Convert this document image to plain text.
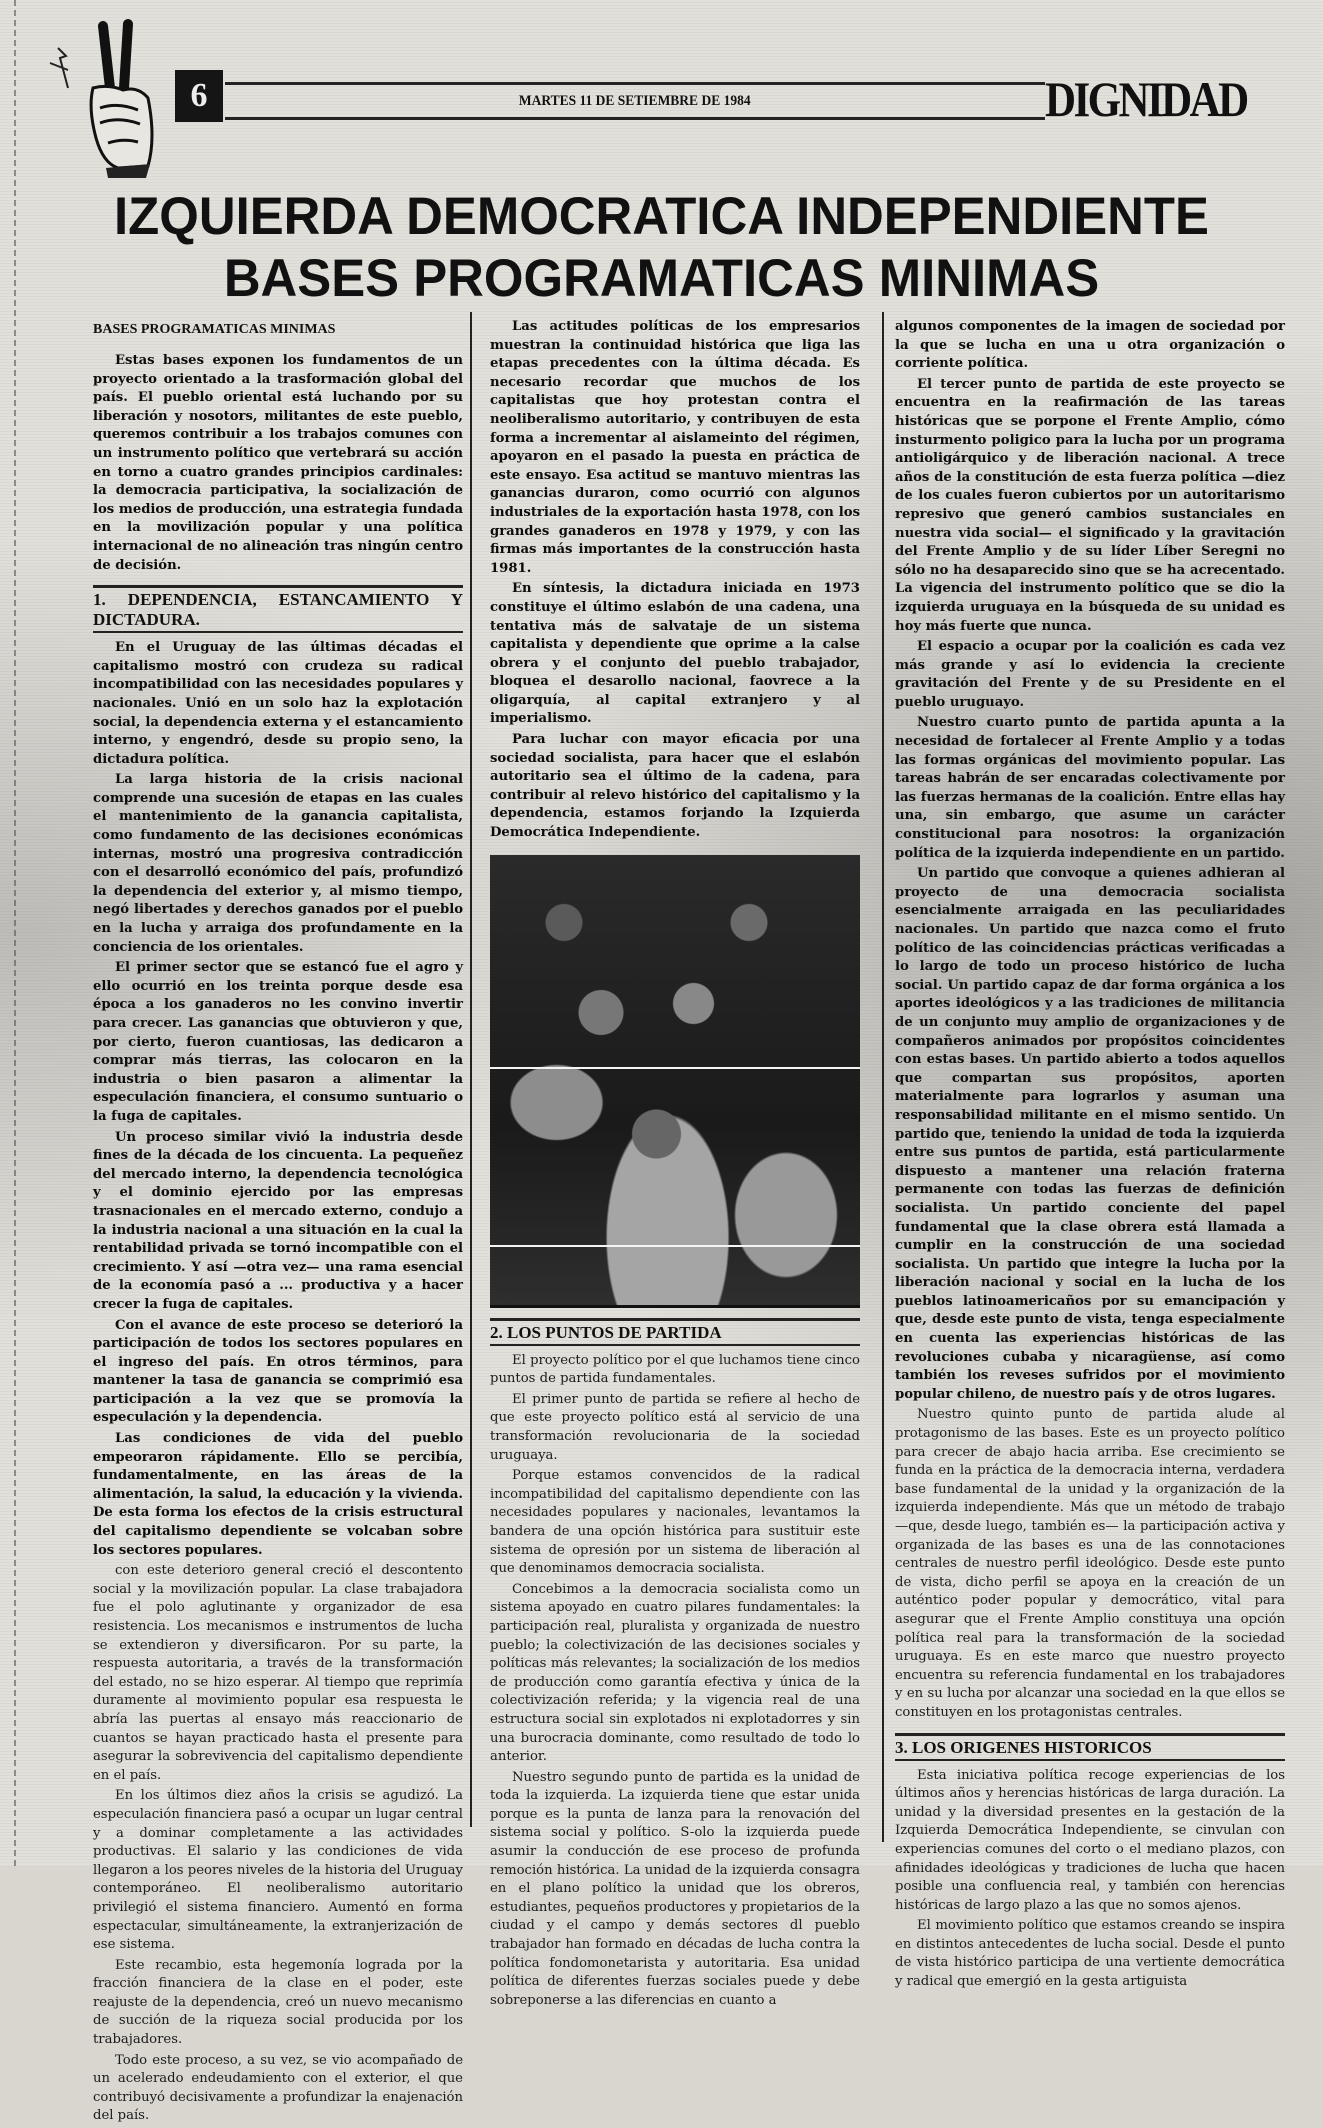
6	MARTES 11 DE SETIEMBRE DE 1984	DIGNIDAD
IZQUIERDA DEMOCRATICA INDEPENDIENTE
BASES PROGRAMATICAS MINIMAS
BASES PROGRAMATICAS MINIMAS

Estas bases exponen los fundamentos de un proyecto orientado a la trasformación global del país. El pueblo oriental está luchando por su liberación y nosotors, militantes de este pueblo, queremos contribuir a los trabajos comunes con un instrumento político que vertebrará su acción en torno a cuatro grandes principios cardinales: la democracia participativa, la socialización de los medios de producción, una estrategia fundada en la movilización popular y una política internacional de no alineación tras ningún centro de decisión.

1. DEPENDENCIA, ESTANCAMIENTO Y DICTADURA.

En el Uruguay de las últimas décadas el capitalismo mostró con crudeza su radical incompatibilidad con las necesidades populares y nacionales. Unió en un solo haz la explotación social, la dependencia externa y el estancamiento interno, y engendró, desde su propio seno, la dictadura política.

La larga historia de la crisis nacional comprende una sucesión de etapas en las cuales el mantenimiento de la ganancia capitalista, como fundamento de las decisiones económicas internas, mostró una progresiva contradicción con el desarrolló económico del país, profundizó la dependencia del exterior y, al mismo tiempo, negó libertades y derechos ganados por el pueblo en la lucha y arraiga dos profundamente en la conciencia de los orientales.

El primer sector que se estancó fue el agro y ello ocurrió en los treinta porque desde esa época a los ganaderos no les convino invertir para crecer. Las ganancias que obtuvieron y que, por cierto, fueron cuantiosas, las dedicaron a comprar más tierras, las colocaron en la industria o bien pasaron a alimentar la especulación financiera, el consumo suntuario o la fuga de capitales.

Un proceso similar vivió la industria desde fines de la década de los cincuenta. La pequeñez del mercado interno, la dependencia tecnológica y el dominio ejercido por las empresas trasnacionales en el mercado externo, condujo a la industria nacional a una situación en la cual la rentabilidad privada se tornó incompatible con el crecimiento. Y así —otra vez— una rama esencial de la economía pasó a ... productiva y a hacer crecer la fuga de capitales.

Con el avance de este proceso se deterioró la participación de todos los sectores populares en el ingreso del país. En otros términos, para mantener la tasa de ganancia se comprimió esa participación a la vez que se promovía la especulación y la dependencia.

Las condiciones de vida del pueblo empeoraron rápidamente. Ello se percibía, fundamentalmente, en las áreas de la alimentación, la salud, la educación y la vivienda. De esta forma los efectos de la crisis estructural del capitalismo dependiente se volcaban sobre los sectores populares.

con este deterioro general creció el descontento social y la movilización popular. La clase trabajadora fue el polo aglutinante y organizador de esa resistencia. Los mecanismos e instrumentos de lucha se extendieron y diversificaron. Por su parte, la respuesta autoritaria, a través de la transformación del estado, no se hizo esperar. Al tiempo que reprimía duramente al movimiento popular esa respuesta le abría las puertas al ensayo más reaccionario de cuantos se hayan practicado hasta el presente para asegurar la sobrevivencia del capitalismo dependiente en el país.

En los últimos diez años la crisis se agudizó. La especulación financiera pasó a ocupar un lugar central y a dominar completamente a las actividades productivas. El salario y las condiciones de vida llegaron a los peores niveles de la historia del Uruguay contemporáneo. El neoliberalismo autoritario privilegió el sistema financiero. Aumentó en forma espectacular, simultáneamente, la extranjerización de ese sistema.

Este recambio, esta hegemonía lograda por la fracción financiera de la clase en el poder, este reajuste de la dependencia, creó un nuevo mecanismo de succión de la riqueza social producida por los trabajadores.

Todo este proceso, a su vez, se vio acompañado de un acelerado endeudamiento con el exterior, el que contribuyó decisivamente a profundizar la enajenación del país.

Las actitudes políticas de los empresarios muestran la continuidad histórica que liga las etapas precedentes con la última década. Es necesario recordar que muchos de los capitalistas que hoy protestan contra el neoliberalismo autoritario, y contribuyen de esta forma a incrementar al aislameinto del régimen, apoyaron en el pasado la puesta en práctica de este ensayo. Esa actitud se mantuvo mientras las ganancias duraron, como ocurrió con algunos industriales de la exportación hasta 1978, con los grandes ganaderos en 1978 y 1979, y con las firmas más importantes de la construcción hasta 1981.

En síntesis, la dictadura iniciada en 1973 constituye el último eslabón de una cadena, una tentativa más de salvataje de un sistema capitalista y dependiente que oprime a la calse obrera y el conjunto del pueblo trabajador, bloquea el desarollo nacional, faovrece a la oligarquía, al capital extranjero y al imperialismo.

Para luchar con mayor eficacia por una sociedad socialista, para hacer que el eslabón autoritario sea el último de la cadena, para contribuir al relevo histórico del capitalismo y la dependencia, estamos forjando la Izquierda Democrática Independiente.

2. LOS PUNTOS DE PARTIDA

El proyecto político por el que luchamos tiene cinco puntos de partida fundamentales.

El primer punto de partida se refiere al hecho de que este proyecto político está al servicio de una transformación revolucionaria de la sociedad uruguaya.

Porque estamos convencidos de la radical incompatibilidad del capitalismo dependiente con las necesidades populares y nacionales, levantamos la bandera de una opción histórica para sustituir este sistema de opresión por un sistema de liberación al que denominamos democracia socialista.

Concebimos a la democracia socialista como un sistema apoyado en cuatro pilares fundamentales: la participación real, pluralista y organizada de nuestro pueblo; la colectivización de las decisiones sociales y políticas más relevantes; la socialización de los medios de producción como garantía efectiva y única de la colectivización referida; y la vigencia real de una estructura social sin explotados ni explotadorres y sin una burocracia dominante, como resultado de todo lo anterior.

Nuestro segundo punto de partida es la unidad de toda la izquierda. La izquierda tiene que estar unida porque es la punta de lanza para la renovación del sistema social y político. S-olo la izquierda puede asumir la conducción de ese proceso de profunda remoción histórica. La unidad de la izquierda consagra en el plano político la unidad que los obreros, estudiantes, pequeños productores y propietarios de la ciudad y el campo y demás sectores dl pueblo trabajador han formado en décadas de lucha contra la política fondomonetarista y autoritaria. Esa unidad política de diferentes fuerzas sociales puede y debe sobreponerse a las diferencias en cuanto a

algunos componentes de la imagen de sociedad por la que se lucha en una u otra organización o corriente política.

El tercer punto de partida de este proyecto se encuentra en la reafirmación de las tareas históricas que se porpone el Frente Amplio, cómo insturmento poligico para la lucha por un programa antioligárquico y de liberación nacional. A trece años de la constitución de esta fuerza política —diez de los cuales fueron cubiertos por un autoritarismo represivo que generó cambios sustanciales en nuestra vida social— el significado y la gravitación del Frente Amplio y de su líder Líber Seregni no sólo no ha desaparecido sino que se ha acrecentado. La vigencia del instrumento político que se dio la izquierda uruguaya en la búsqueda de su unidad es hoy más fuerte que nunca.

El espacio a ocupar por la coalición es cada vez más grande y así lo evidencia la creciente gravitación del Frente y de su Presidente en el pueblo uruguayo.

Nuestro cuarto punto de partida apunta a la necesidad de fortalecer al Frente Amplio y a todas las formas orgánicas del movimiento popular. Las tareas habrán de ser encaradas colectivamente por las fuerzas hermanas de la coalición. Entre ellas hay una, sin embargo, que asume un carácter constitucional para nosotros: la organización política de la izquierda independiente en un partido.

Un partido que convoque a quienes adhieran al proyecto de una democracia socialista esencialmente arraigada en las peculiaridades nacionales. Un partido que nazca como el fruto político de las coincidencias prácticas verificadas a lo largo de todo un proceso histórico de lucha social. Un partido capaz de dar forma orgánica a los aportes ideológicos y a las tradiciones de militancia de un conjunto muy amplio de organizaciones y de compañeros animados por propósitos coincidentes con estas bases. Un partido abierto a todos aquellos que compartan sus propósitos, aporten materialmente para lograrlos y asuman una responsabilidad militante en el mismo sentido. Un partido que, teniendo la unidad de toda la izquierda entre sus puntos de partida, está particularmente dispuesto a mantener una relación fraterna permanente con todas las fuerzas de definición socialista. Un partido conciente del papel fundamental que la clase obrera está llamada a cumplir en la construcción de una sociedad socialista. Un partido que integre la lucha por la liberación nacional y social en la lucha de los pueblos latinoamericaños por su emancipación y que, desde este punto de vista, tenga especialmente en cuenta las experiencias históricas de las revoluciones cubaba y nicaragüense, así como también los reveses sufridos por el movimiento popular chileno, de nuestro país y de otros lugares.

Nuestro quinto punto de partida alude al protagonismo de las bases. Este es un proyecto político para crecer de abajo hacia arriba. Ese crecimiento se funda en la práctica de la democracia interna, verdadera base fundamental de la unidad y la organización de la izquierda independiente. Más que un método de trabajo —que, desde luego, también es— la participación activa y organizada de las bases es una de las connotaciones centrales de nuestro perfil ideológico. Desde este punto de vista, dicho perfil se apoya en la creación de un auténtico poder popular y democrático, vital para asegurar que el Frente Amplio constituya una opción política real para la transformación de la sociedad uruguaya. Es en este marco que nuestro proyecto encuentra su referencia fundamental en los trabajadores y en su lucha por alcanzar una sociedad en la que ellos se constituyen en los protagonistas centrales.

3. LOS ORIGENES HISTORICOS

Esta iniciativa política recoge experiencias de los últimos años y herencias históricas de larga duración. La unidad y la diversidad presentes en la gestación de la Izquierda Democrática Independiente, se cinvulan con experiencias comunes del corto o el mediano plazos, con afinidades ideológicas y tradiciones de lucha que hacen posible una confluencia real, y también con herencias históricas de largo plazo a las que no somos ajenos.

El movimiento político que estamos creando se inspira en distintos antecedentes de lucha social. Desde el punto de vista histórico participa de una vertiente democrática y radical que emergió en la gesta artiguista
